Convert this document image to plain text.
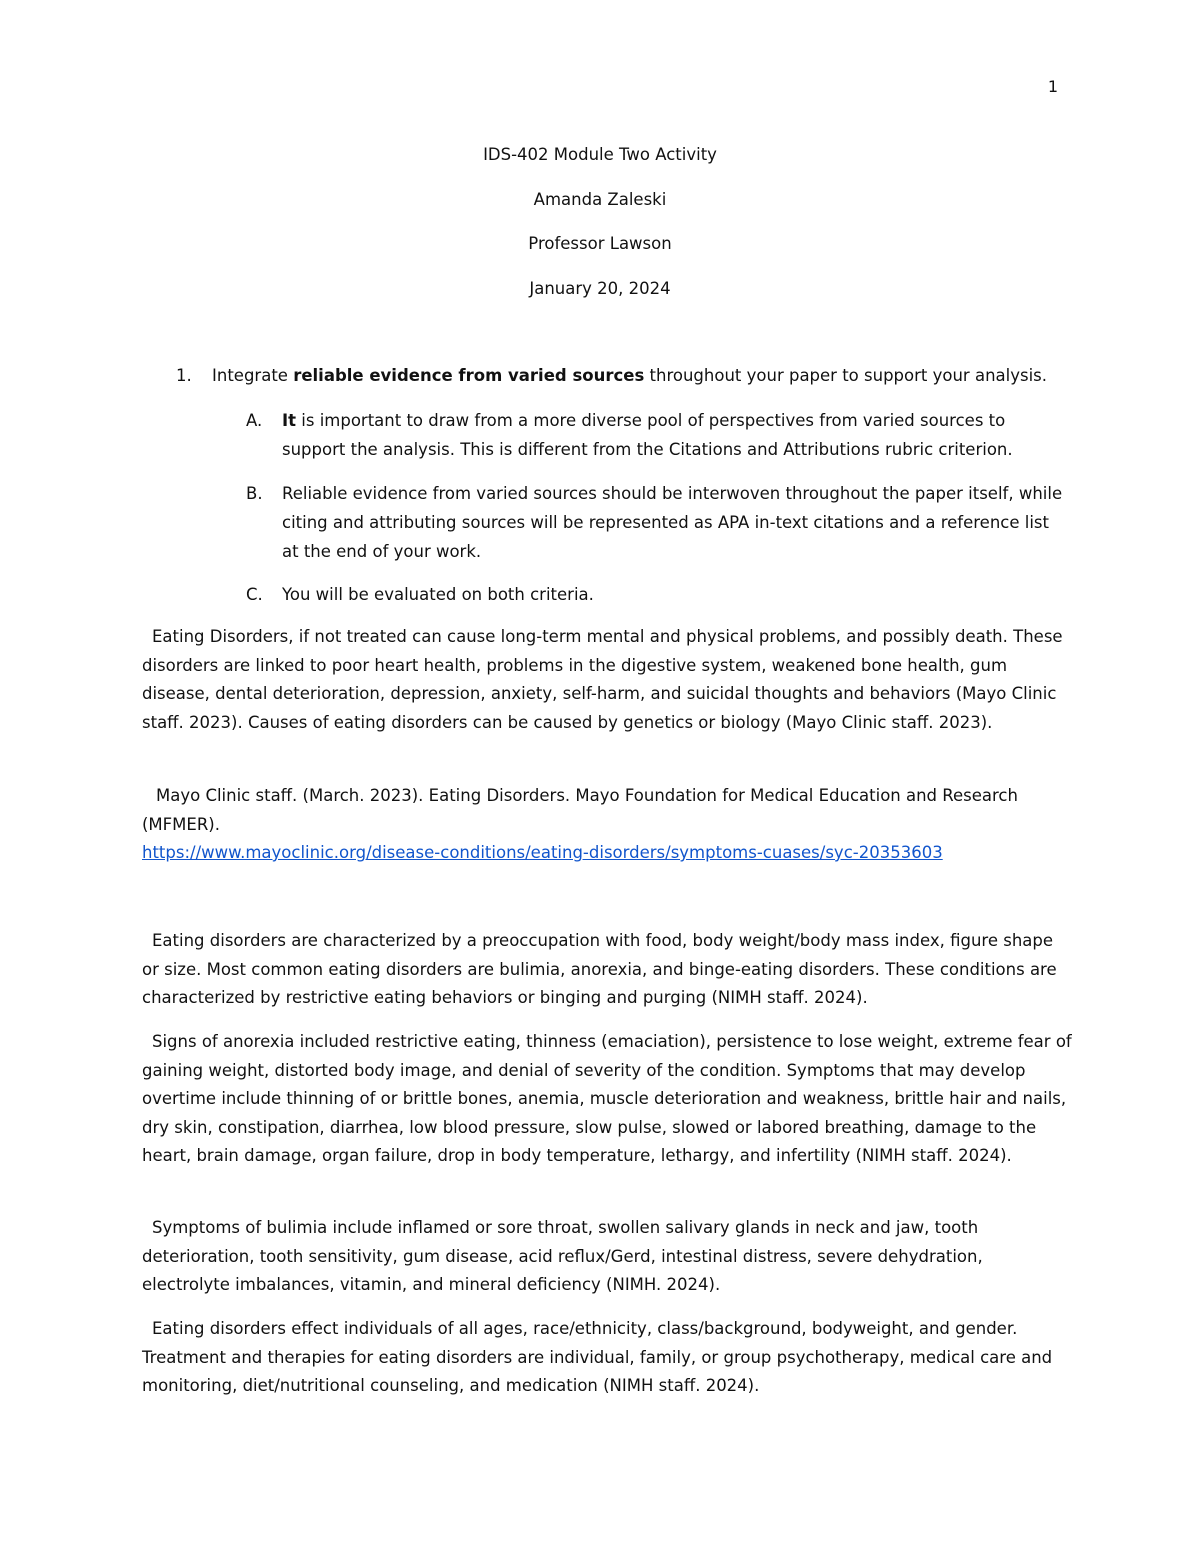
1
IDS-402 Module Two Activity
Amanda Zaleski
Professor Lawson
January 20, 2024
1. Integrate reliable evidence from varied sources throughout your paper to support your analysis.
A.	It is important to draw from a more diverse pool of perspectives from varied sources to support the analysis. This is different from the Citations and Attributions rubric criterion.
B.	Reliable evidence from varied sources should be interwoven throughout the paper itself, while citing and attributing sources will be represented as APA in-text citations and a reference list at the end of your work.
C.	You will be evaluated on both criteria.
Eating Disorders, if not treated can cause long-term mental and physical problems, and possibly death. These disorders are linked to poor heart health, problems in the digestive system, weakened bone health, gum disease, dental deterioration, depression, anxiety, self-harm, and suicidal thoughts and behaviors (Mayo Clinic staff. 2023). Causes of eating disorders can be caused by genetics or biology (Mayo Clinic staff. 2023).
Mayo Clinic staff. (March. 2023). Eating Disorders. Mayo Foundation for Medical Education and Research (MFMER).
https://www.mayoclinic.org/disease-conditions/eating-disorders/symptoms-cuases/syc-20353603
Eating disorders are characterized by a preoccupation with food, body weight/body mass index, figure shape or size. Most common eating disorders are bulimia, anorexia, and binge-eating disorders. These conditions are characterized by restrictive eating behaviors or binging and purging (NIMH staff. 2024).
Signs of anorexia included restrictive eating, thinness (emaciation), persistence to lose weight, extreme fear of gaining weight, distorted body image, and denial of severity of the condition. Symptoms that may develop overtime include thinning of or brittle bones, anemia, muscle deterioration and weakness, brittle hair and nails, dry skin, constipation, diarrhea, low blood pressure, slow pulse, slowed or labored breathing, damage to the heart, brain damage, organ failure, drop in body temperature, lethargy, and infertility (NIMH staff. 2024).
Symptoms of bulimia include inflamed or sore throat, swollen salivary glands in neck and jaw, tooth deterioration, tooth sensitivity, gum disease, acid reflux/Gerd, intestinal distress, severe dehydration, electrolyte imbalances, vitamin, and mineral deficiency (NIMH. 2024).
Eating disorders effect individuals of all ages, race/ethnicity, class/background, bodyweight, and gender. Treatment and therapies for eating disorders are individual, family, or group psychotherapy, medical care and monitoring, diet/nutritional counseling, and medication (NIMH staff. 2024).
